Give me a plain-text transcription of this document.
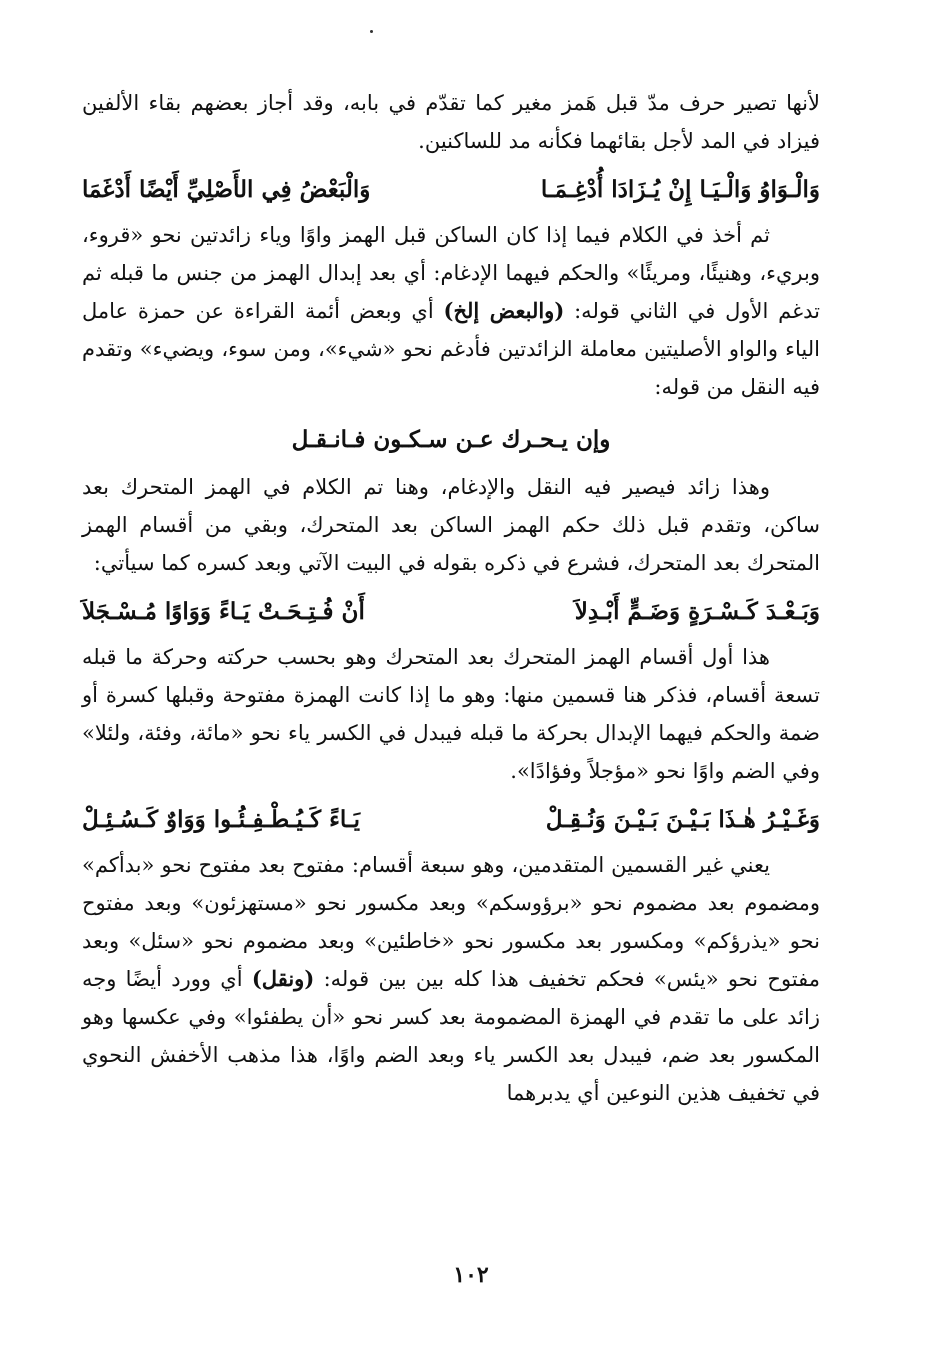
لأنها تصير حرف مدّ قبل هَمز مغير كما تقدّم في بابه، وقد أجاز بعضهم بقاء الألفين فيزاد في المد لأجل بقائهما فكأنه مد للساكنين.

وَالْـوَاوُ وَالْـيَـا إِنْ يُـزَادَا أُدْغِـمَـا
وَالْبَعْضُ فِي الأَصْلِيِّ أَيْضًا أَدْغَمَا

ثم أخذ في الكلام فيما إذا كان الساكن قبل الهمز واوًا وياء زائدتين نحو «قروء، وبريء، وهنيئًا، ومريئًا» والحكم فيهما الإدغام: أي بعد إبدال الهمز من جنس ما قبله ثم تدغم الأول في الثاني قوله: (والبعض إلخ) أي وبعض أئمة القراءة عن حمزة عامل الياء والواو الأصليتين معاملة الزائدتين فأدغم نحو «شيء»، ومن سوء، ويضيء» وتقدم فيه النقل من قوله:

وإن يـحـرك عـن سـكـون فـانـقـل

وهذا زائد فيصير فيه النقل والإدغام، وهنا تم الكلام في الهمز المتحرك بعد ساكن، وتقدم قبل ذلك حكم الهمز الساكن بعد المتحرك، وبقي من أقسام الهمز المتحرك بعد المتحرك، فشرع في ذكره بقوله في البيت الآتي وبعد كسره كما سيأتي:

وَبَـعْـدَ كَـسْـرَةٍ وَضَـمٍّ أَبْـدِلاَ
أَنْ فُـتِـحَـتْ يَـاءً وَوَاوًا مُـسْـجَلاَ

هذا أول أقسام الهمز المتحرك بعد المتحرك وهو بحسب حركته وحركة ما قبله تسعة أقسام، فذكر هنا قسمين منها: وهو ما إذا كانت الهمزة مفتوحة وقبلها كسرة أو ضمة والحكم فيهما الإبدال بحركة ما قبله فيبدل في الكسر ياء نحو «مائة، وفئة، ولئلا» وفي الضم واوًا نحو «مؤجلاً وفؤادًا».

وَغَـيْـرُ هٰـذَا بَـيْـنَ بَـيْـنَ وَنُـقِـلْ
يَـاءً كَـيُـطْـفِـئُـوا وَوَاوٌ كَـسُـئِـلْ

يعني غير القسمين المتقدمين، وهو سبعة أقسام: مفتوح بعد مفتوح نحو «بدأكم» ومضموم بعد مضموم نحو «برؤوسكم» وبعد مكسور نحو «مستهزئون» وبعد مفتوح نحو «يذرؤكم» ومكسور بعد مكسور نحو «خاطئين» وبعد مضموم نحو «سئل» وبعد مفتوح نحو «يئس» فحكم تخفيف هذا كله بين بين قوله: (ونقل) أي وورد أيضًا وجه زائد على ما تقدم في الهمزة المضمومة بعد كسر نحو «أن يطفئوا» وفي عكسها وهو المكسور بعد ضم، فيبدل بعد الكسر ياء وبعد الضم واوًا، هذا مذهب الأخفش النحوي في تخفيف هذين النوعين أي يدبرهما

١٠٢
